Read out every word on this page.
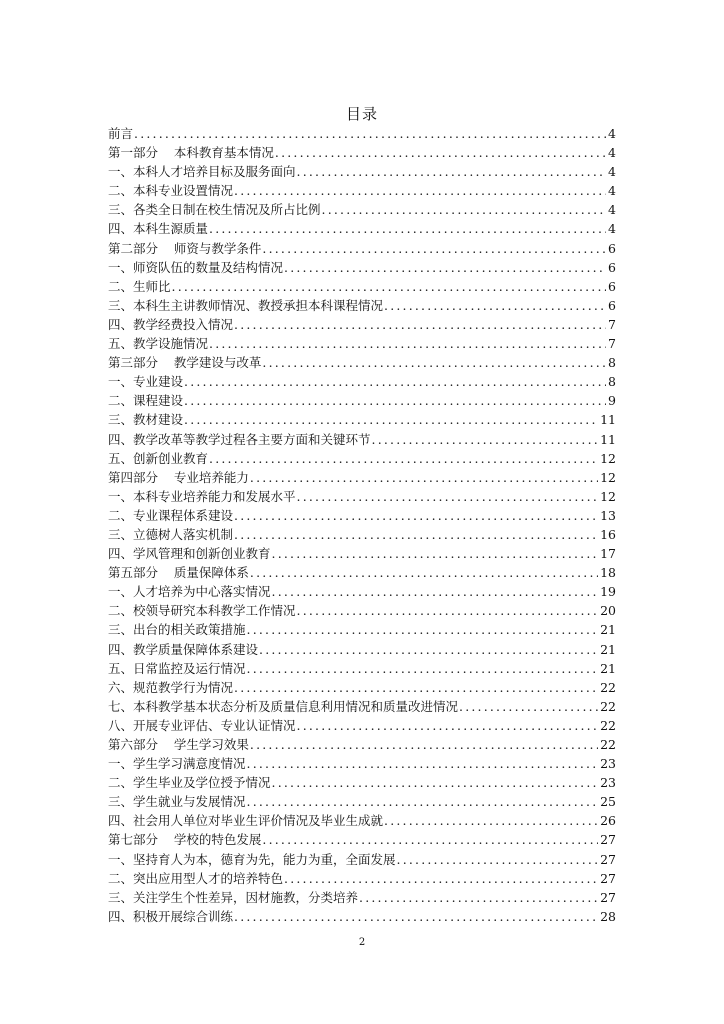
目录
前言 .....	4
第一部分    本科教育基本情况 .....	4
一、本科人才培养目标及服务面向 .....	4
二、本科专业设置情况 .....	4
三、各类全日制在校生情况及所占比例 .....	4
四、本科生源质量 .....	4
第二部分    师资与教学条件 .....	6
一、师资队伍的数量及结构情况 .....	6
二、生师比 .....	6
三、本科生主讲教师情况、教授承担本科课程情况 .....	6
四、教学经费投入情况 .....	7
五、教学设施情况 .....	7
第三部分    教学建设与改革 .....	8
一、专业建设 .....	8
二、课程建设 .....	9
三、教材建设 .....	11
四、教学改革等教学过程各主要方面和关键环节 .....	11
五、创新创业教育 .....	12
第四部分    专业培养能力 .....	12
一、本科专业培养能力和发展水平 .....	12
二、专业课程体系建设 .....	13
三、立德树人落实机制 .....	16
四、学风管理和创新创业教育 .....	17
第五部分    质量保障体系 .....	18
一、人才培养为中心落实情况 .....	19
二、校领导研究本科教学工作情况 .....	20
三、出台的相关政策措施 .....	21
四、教学质量保障体系建设 .....	21
五、日常监控及运行情况 .....	21
六、规范教学行为情况 .....	22
七、本科教学基本状态分析及质量信息利用情况和质量改进情况 .....	22
八、开展专业评估、专业认证情况 .....	22
第六部分    学生学习效果 .....	22
一、学生学习满意度情况 .....	23
二、学生毕业及学位授予情况 .....	23
三、学生就业与发展情况 .....	25
四、社会用人单位对毕业生评价情况及毕业生成就 .....	26
第七部分    学校的特色发展 .....	27
一、坚持育人为本，德育为先，能力为重，全面发展 .....	27
二、突出应用型人才的培养特色 .....	27
三、关注学生个性差异，因材施教，分类培养 .....	27
四、积极开展综合训练 .....	28
2
